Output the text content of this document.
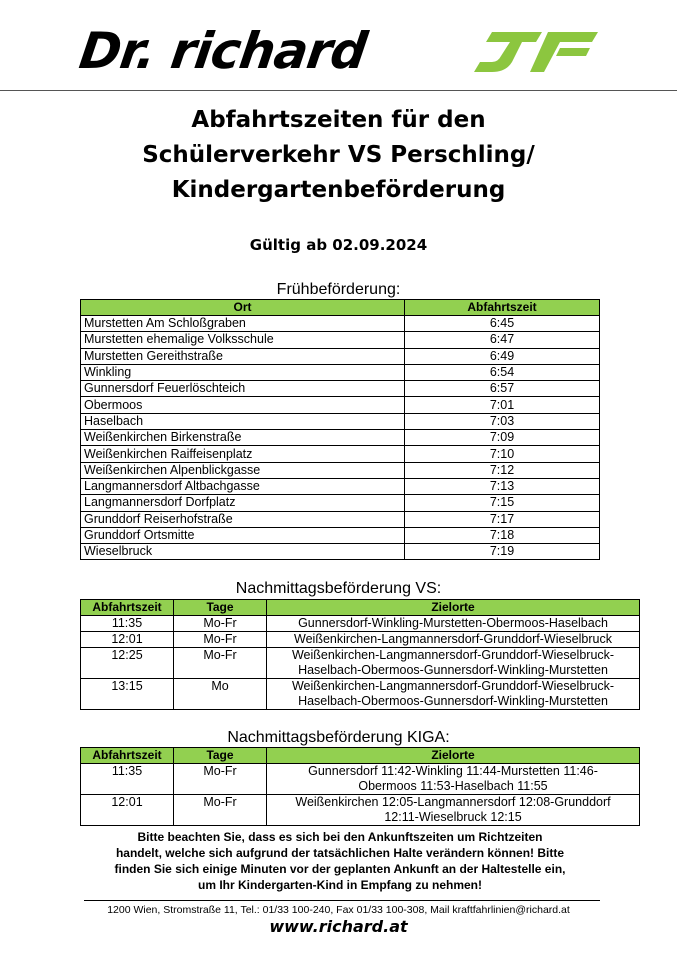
Dr. richard
Abfahrtszeiten für den
Schülerverkehr VS Perschling/
Kindergartenbeförderung
Gültig ab 02.09.2024
Frühbeförderung:
Ort	Abfahrtszeit
Murstetten Am Schloßgraben	6:45
Murstetten ehemalige Volksschule	6:47
Murstetten Gereithstraße	6:49
Winkling	6:54
Gunnersdorf Feuerlöschteich	6:57
Obermoos	7:01
Haselbach	7:03
Weißenkirchen Birkenstraße	7:09
Weißenkirchen Raiffeisenplatz	7:10
Weißenkirchen Alpenblickgasse	7:12
Langmannersdorf Altbachgasse	7:13
Langmannersdorf Dorfplatz	7:15
Grunddorf Reiserhofstraße	7:17
Grunddorf Ortsmitte	7:18
Wieselbruck	7:19
Nachmittagsbeförderung VS:
Abfahrtszeit	Tage	Zielorte
11:35	Mo-Fr	Gunnersdorf-Winkling-Murstetten-Obermoos-Haselbach

12:01	Mo-Fr	Weißenkirchen-Langmannersdorf-Grunddorf-Wieselbruck

12:25	Mo-Fr	Weißenkirchen-Langmannersdorf-Grunddorf-Wieselbruck-
Haselbach-Obermoos-Gunnersdorf-Winkling-Murstetten

13:15	Mo	Weißenkirchen-Langmannersdorf-Grunddorf-Wieselbruck-
Haselbach-Obermoos-Gunnersdorf-Winkling-Murstetten
Nachmittagsbeförderung KIGA:
Abfahrtszeit	Tage	Zielorte
11:35	Mo-Fr	Gunnersdorf 11:42-Winkling 11:44-Murstetten 11:46-
Obermoos 11:53-Haselbach 11:55

12:01	Mo-Fr	Weißenkirchen 12:05-Langmannersdorf 12:08-Grunddorf
12:11-Wieselbruck 12:15
Bitte beachten Sie, dass es sich bei den Ankunftszeiten um Richtzeiten
handelt, welche sich aufgrund der tatsächlichen Halte verändern können! Bitte
finden Sie sich einige Minuten vor der geplanten Ankunft an der Haltestelle ein,
um Ihr Kindergarten-Kind in Empfang zu nehmen!
1200 Wien, Stromstraße 11, Tel.: 01/33 100-240, Fax 01/33 100-308, Mail kraftfahrlinien@richard.at
www.richard.at
